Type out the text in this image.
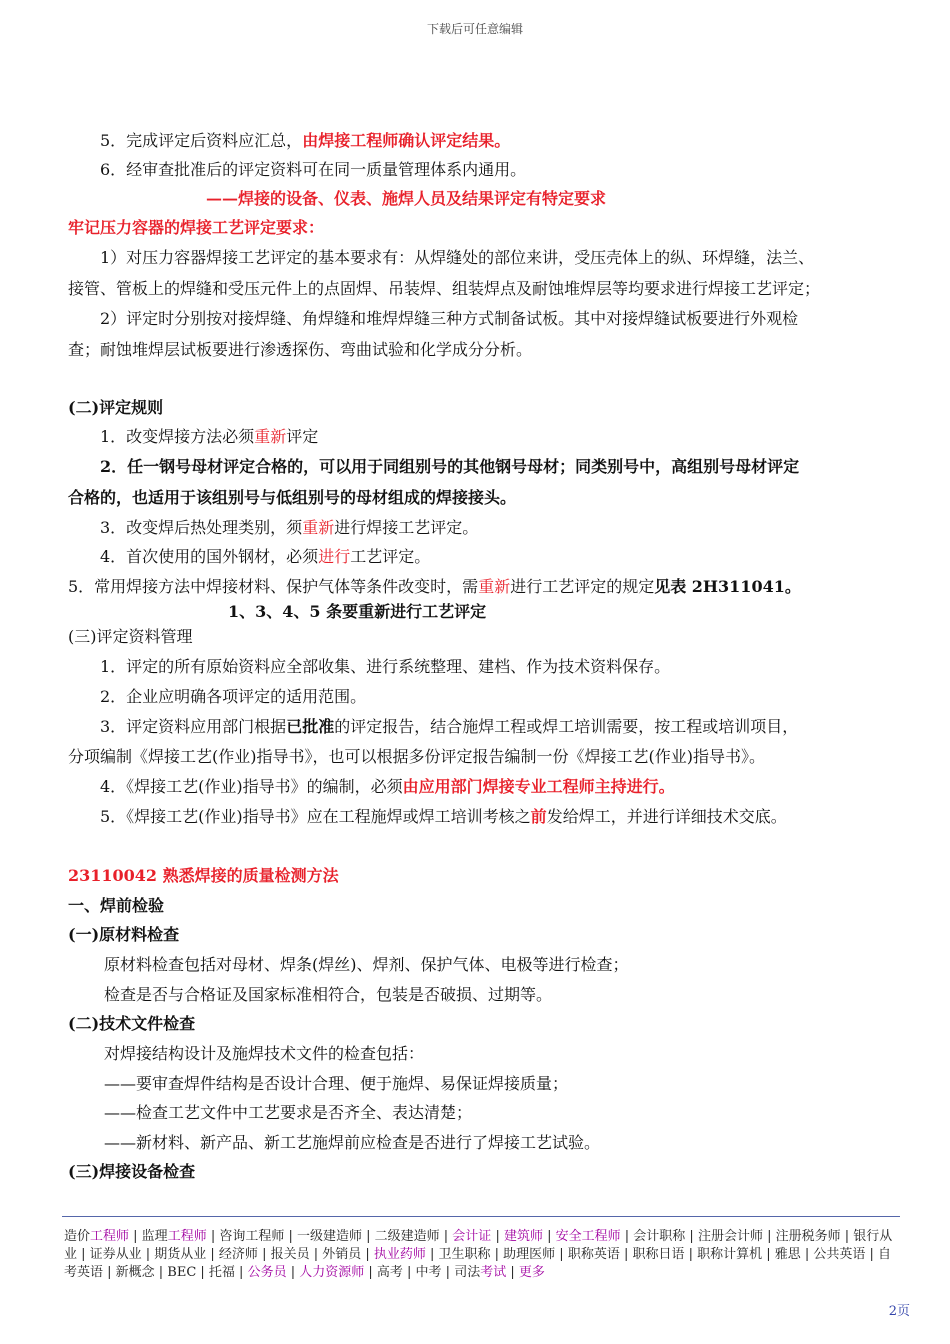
下载后可任意编辑
5．完成评定后资料应汇总，由焊接工程师确认评定结果。
6．经审查批准后的评定资料可在同一质量管理体系内通用。
——焊接的设备、仪表、施焊人员及结果评定有特定要求
牢记压力容器的焊接工艺评定要求：
1）对压力容器焊接工艺评定的基本要求有：从焊缝处的部位来讲，受压壳体上的纵、环焊缝，法兰、
接管、管板上的焊缝和受压元件上的点固焊、吊装焊、组装焊点及耐蚀堆焊层等均要求进行焊接工艺评定；
2）评定时分别按对接焊缝、角焊缝和堆焊焊缝三种方式制备试板。其中对接焊缝试板要进行外观检
查；耐蚀堆焊层试板要进行渗透探伤、弯曲试验和化学成分分析。
(二)评定规则
1．改变焊接方法必须重新评定
2．任一钢号母材评定合格的，可以用于同组别号的其他钢号母材；同类别号中，高组别号母材评定
合格的，也适用于该组别号与低组别号的母材组成的焊接接头。
3．改变焊后热处理类别，须重新进行焊接工艺评定。
4．首次使用的国外钢材，必须进行工艺评定。
5．常用焊接方法中焊接材料、保护气体等条件改变时，需重新进行工艺评定的规定见表 2H311041。
1、3、4、5 条要重新进行工艺评定
(三)评定资料管理
1．评定的所有原始资料应全部收集、进行系统整理、建档、作为技术资料保存。
2．企业应明确各项评定的适用范围。
3．评定资料应用部门根据已批准的评定报告，结合施焊工程或焊工培训需要，按工程或培训项目，
分项编制《焊接工艺(作业)指导书》，也可以根据多份评定报告编制一份《焊接工艺(作业)指导书》。
4．《焊接工艺(作业)指导书》的编制，必须由应用部门焊接专业工程师主持进行。
5．《焊接工艺(作业)指导书》应在工程施焊或焊工培训考核之前发给焊工，并进行详细技术交底。
23110042 熟悉焊接的质量检测方法
一、焊前检验
(一)原材料检查
原材料检查包括对母材、焊条(焊丝)、焊剂、保护气体、电极等进行检查；
检查是否与合格证及国家标准相符合，包装是否破损、过期等。
(二)技术文件检查
对焊接结构设计及施焊技术文件的检查包括：
——要审查焊件结构是否设计合理、便于施焊、易保证焊接质量；
——检查工艺文件中工艺要求是否齐全、表达清楚；
——新材料、新产品、新工艺施焊前应检查是否进行了焊接工艺试验。
(三)焊接设备检查
造价工程师 | 监理工程师 | 咨询工程师 | 一级建造师 | 二级建造师 | 会计证 | 建筑师 | 安全工程师 | 会计职称 | 注册会计师 | 注册税务师 | 银行从业 | 证券从业 | 期货从业 | 经济师 | 报关员 | 外销员 | 执业药师 | 卫生职称 | 助理医师 | 职称英语 | 职称日语 | 职称计算机 | 雅思 | 公共英语 | 自考英语 | 新概念 | BEC | 托福 | 公务员 | 人力资源师 | 高考 | 中考 | 司法考试 | 更多
2页
